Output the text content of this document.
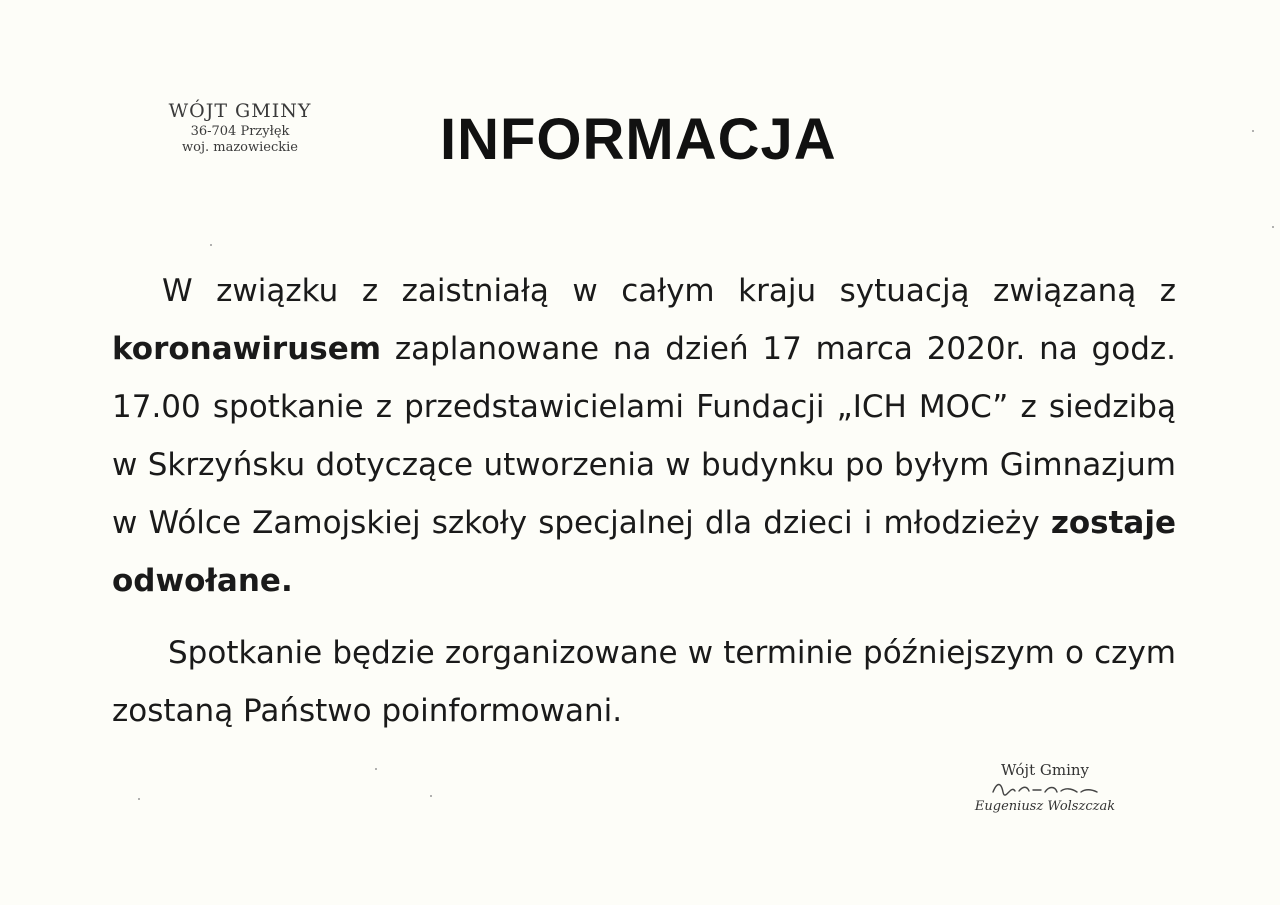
WÓJT GMINY
36-704 Przyłęk
woj. mazowieckie	INFORMACJA

W związku z zaistniałą w całym kraju sytuacją związaną z koronawirusem zaplanowane na dzień 17 marca 2020r. na godz. 17.00 spotkanie z przedstawicielami Fundacji „ICH MOC” z siedzibą w Skrzyńsku dotyczące utworzenia w budynku po byłym Gimnazjum w Wólce Zamojskiej szkoły specjalnej dla dzieci i młodzieży zostaje odwołane.

Spotkanie będzie zorganizowane w terminie późniejszym o czym zostaną Państwo poinformowani.

Wójt Gminy
Eugeniusz Wolszczak
